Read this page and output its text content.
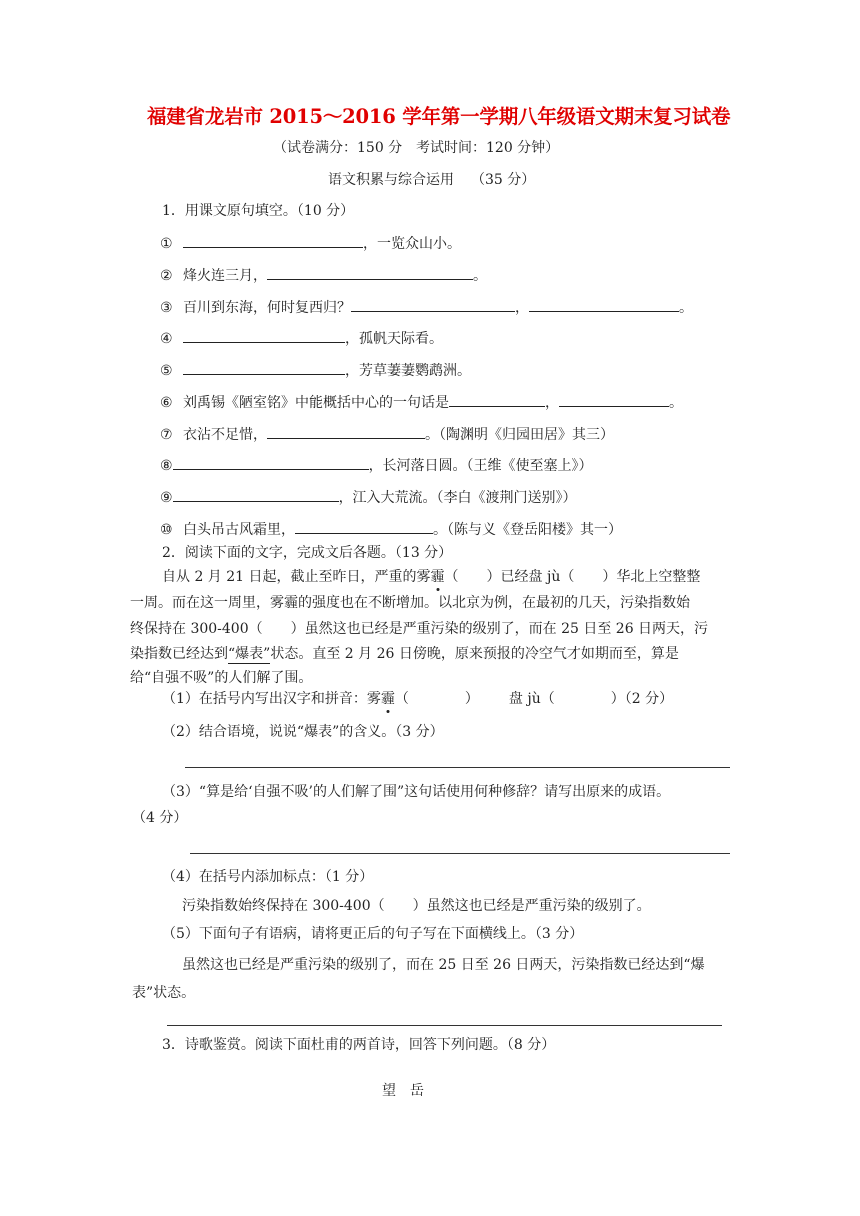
福建省龙岩市 2015～2016 学年第一学期八年级语文期末复习试卷
（试卷满分：150 分 考试时间：120 分钟）
语文积累与综合运用 （35 分）
1．用课文原句填空。（10 分）
①	，一览众山小。
② 烽火连三月，	。
③ 百川到东海，何时复西归？	，	。
④	，孤帆天际看。
⑤	，芳草萋萋鹦鹉洲。
⑥ 刘禹锡《陋室铭》中能概括中心的一句话是	，	。
⑦ 衣沾不足惜，	。（陶渊明《归园田居》其三）
⑧	，长河落日圆。（王维《使至塞上》）
⑨	，江入大荒流。（李白《渡荆门送别》）
⑩ 白头吊古风霜里，	。（陈与义《登岳阳楼》其一）
2．阅读下面的文字，完成文后各题。（13 分）
自从 2 月 21 日起，截止至昨日，严重的雾霾（　　）已经盘 jù（　　）华北上空整整
一周。而在这一周里，雾霾的强度也在不断增加。以北京为例，在最初的几天，污染指数始
终保持在 300-400（　　）虽然这也已经是严重污染的级别了，而在 25 日至 26 日两天，污
染指数已经达到“爆表”状态。直至 2 月 26 日傍晚，原来预报的冷空气才如期而至，算是
给“自强不吸”的人们解了围。
（1）在括号内写出汉字和拼音：雾霾（　　　　） 盘 jù（　　　　）（2 分）
（2）结合语境，说说“爆表”的含义。（3 分）
（3）“算是给‘自强不吸’的人们解了围”这句话使用何种修辞？请写出原来的成语。
（4 分）
（4）在括号内添加标点：（1 分）
污染指数始终保持在 300-400（　　）虽然这也已经是严重污染的级别了。
（5）下面句子有语病，请将更正后的句子写在下面横线上。（3 分）
虽然这也已经是严重污染的级别了，而在 25 日至 26 日两天，污染指数已经达到“爆
表”状态。
3．诗歌鉴赏。阅读下面杜甫的两首诗，回答下列问题。（8 分）
望　岳
